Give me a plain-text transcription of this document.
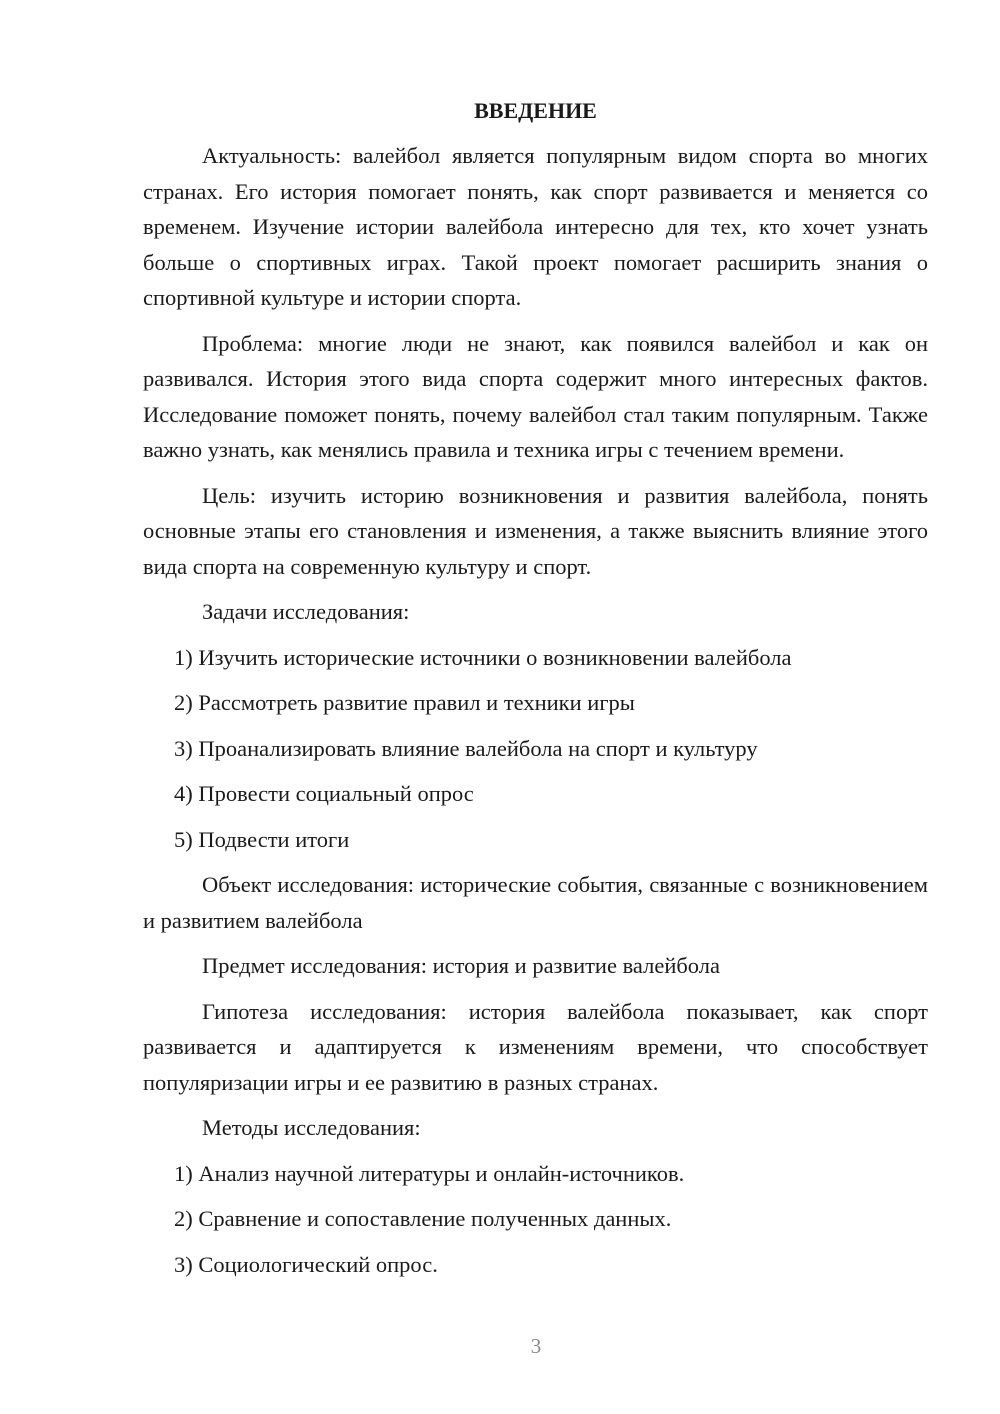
ВВЕДЕНИЕ

Актуальность: валейбол является популярным видом спорта во многих странах. Его история помогает понять, как спорт развивается и меняется со временем. Изучение истории валейбола интересно для тех, кто хочет узнать больше о спортивных играх. Такой проект помогает расширить знания о спортивной культуре и истории спорта.

Проблема: многие люди не знают, как появился валейбол и как он развивался. История этого вида спорта содержит много интересных фактов. Исследование поможет понять, почему валейбол стал таким популярным. Также важно узнать, как менялись правила и техника игры с течением времени.

Цель: изучить историю возникновения и развития валейбола, понять основные этапы его становления и изменения, а также выяснить влияние этого вида спорта на современную культуру и спорт.

Задачи исследования:

1) Изучить исторические источники о возникновении валейбола
2) Рассмотреть развитие правил и техники игры
3) Проанализировать влияние валейбола на спорт и культуру
4) Провести социальный опрос
5) Подвести итоги

Объект исследования: исторические события, связанные с возникновением и развитием валейбола

Предмет исследования: история и развитие валейбола

Гипотеза исследования: история валейбола показывает, как спорт развивается и адаптируется к изменениям времени, что способствует популяризации игры и ее развитию в разных странах.

Методы исследования:

1) Анализ научной литературы и онлайн-источников.
2) Сравнение и сопоставление полученных данных.
3) Социологический опрос.
3
